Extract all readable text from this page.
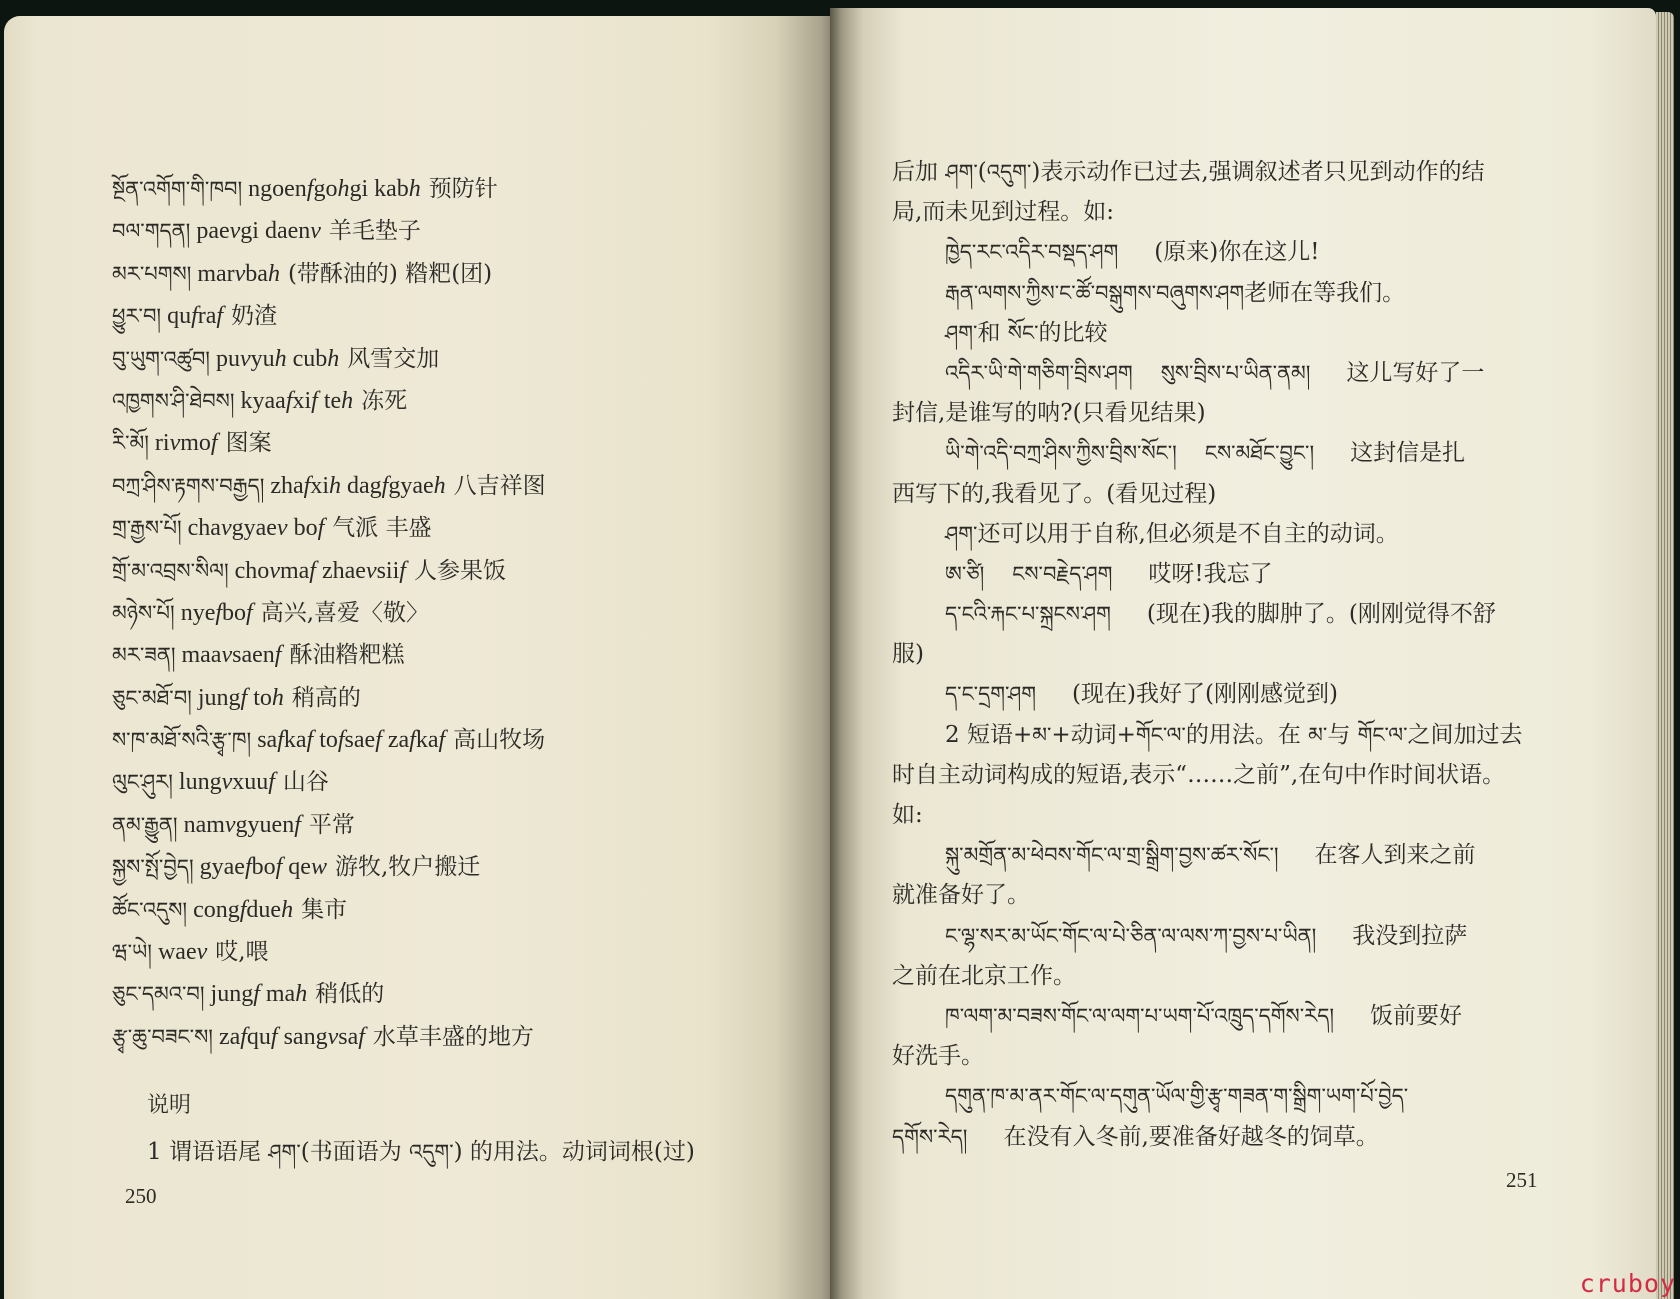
སྔོན་འགོག་གི་ཁབ། ngoenfgohgi kabh 预防针
བལ་གདན། paevgi daenv 羊毛垫子
མར་པགས། marvbah (带酥油的) 糌粑(团)
ཕྱུར་བ། qufraf 奶渣
བུ་ཡུག་འཚུབ། puvyuh cubh 风雪交加
འཁྱགས་ཤི་ཐེབས། kyaafxif teh 冻死
རི་མོ། rivmof 图案
བཀྲ་ཤིས་རྟགས་བརྒྱད། zhafxih dagfgyaeh 八吉祥图
གྲ་རྒྱས་པོ། chavgyaev bof 气派 丰盛
གྲོ་མ་འབྲས་སིལ། chovmaf zhaevsiif 人参果饭
མཉེས་པོ། nyefbof 高兴,喜爱〈敬〉
མར་ཟན། maavsaenf 酥油糌粑糕
ཅུང་མཐོ་བ། jungf toh 稍高的
ས་ཁ་མཐོ་སའི་རྩྭ་ཁ། safkaf tofsaef zafkaf 高山牧场
ལུང་ཤུར། lungvxuuf 山谷
ནམ་རྒྱུན། namvgyuenf 平常
སྐྱས་སྤོ་བྱེད། gyaefbof qew 游牧,牧户搬迁
ཚོང་འདུས། congfdueh 集市
ཝ་ཡེ། waev 哎,喂
ཅུང་དམའ་བ། jungf mah 稍低的
རྩྭ་ཆུ་བཟང་ས། zafquf sangvsaf 水草丰盛的地方
说明
1 谓语语尾 ཤག་(书面语为 འདུག་) 的用法。动词词根(过)
250
后加 ཤག་(འདུག་)表示动作已过去,强调叙述者只见到动作的结
局,而未见到过程。如:
ཁྱེད་རང་འདིར་བསྡད་ཤག (原来)你在这儿!
རྒན་ལགས་ཀྱིས་ང་ཚོ་བསྒུགས་བཞུགས་ཤག老师在等我们。
ཤག་和 སོང་的比较
འདིར་ཡི་གེ་གཅིག་བྲིས་ཤག སུས་བྲིས་པ་ཡིན་ནམ། 这儿写好了一
封信,是谁写的呐?(只看见结果)
ཡི་གེ་འདི་བཀྲ་ཤིས་ཀྱིས་བྲིས་སོང་། ངས་མཐོང་བྱུང་། 这封信是扎
西写下的,我看见了。(看见过程)
ཤག་还可以用于自称,但必须是不自主的动词。
ཨ་ཙི། ངས་བརྗེད་ཤག 哎呀!我忘了
ད་ངའི་རྐང་པ་སྐྲངས་ཤག (现在)我的脚肿了。(刚刚觉得不舒
服)
ད་ང་དྲག་ཤག (现在)我好了(刚刚感觉到)
2 短语+མ་+动词+གོང་ལ་的用法。在 མ་与 གོང་ལ་之间加过去
时自主动词构成的短语,表示“……之前”,在句中作时间状语。
如:
སྐུ་མགྲོན་མ་ཕེབས་གོང་ལ་གྲ་སྒྲིག་བྱས་ཚར་སོང་། 在客人到来之前
就准备好了。
ང་ལྷ་སར་མ་ཡོང་གོང་ལ་པེ་ཅིན་ལ་ལས་ཀ་བྱས་པ་ཡིན། 我没到拉萨
之前在北京工作。
ཁ་ལག་མ་བཟས་གོང་ལ་ལག་པ་ཡག་པོ་འཁྲུད་དགོས་རེད། 饭前要好
好洗手。
དགུན་ཁ་མ་ནར་གོང་ལ་དགུན་ཡོལ་གྱི་རྩྭ་གཟན་ག་སྒྲིག་ཡག་པོ་བྱེད་
དགོས་རེད། 在没有入冬前,要准备好越冬的饲草。
251
cruboy
